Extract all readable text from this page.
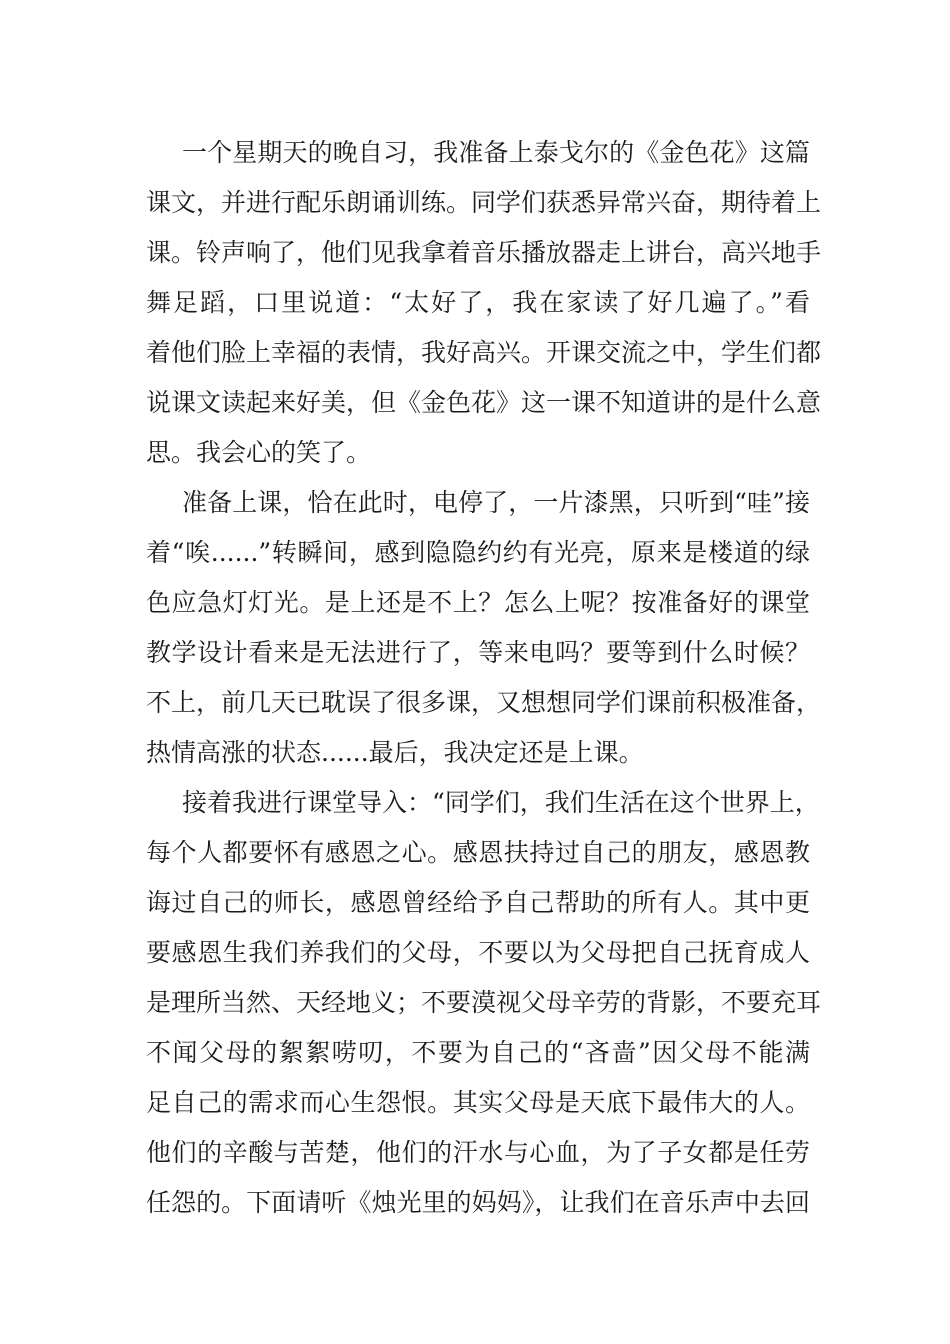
一个星期天的晚自习，我准备上泰戈尔的《金色花》这篇
课文，并进行配乐朗诵训练。同学们获悉异常兴奋，期待着上
课。铃声响了，他们见我拿着音乐播放器走上讲台，高兴地手
舞足蹈，口里说道：“太好了，我在家读了好几遍了。”看
着他们脸上幸福的表情，我好高兴。开课交流之中，学生们都
说课文读起来好美，但《金色花》这一课不知道讲的是什么意
思。我会心的笑了。
准备上课，恰在此时，电停了，一片漆黑，只听到“哇”接
着“唉......”转瞬间，感到隐隐约约有光亮，原来是楼道的绿
色应急灯灯光。是上还是不上？怎么上呢？按准备好的课堂
教学设计看来是无法进行了，等来电吗？要等到什么时候？
不上，前几天已耽误了很多课，又想想同学们课前积极准备，
热情高涨的状态......最后，我决定还是上课。
接着我进行课堂导入：“同学们，我们生活在这个世界上，
每个人都要怀有感恩之心。感恩扶持过自己的朋友，感恩教
诲过自己的师长，感恩曾经给予自己帮助的所有人。其中更
要感恩生我们养我们的父母，不要以为父母把自己抚育成人
是理所当然、天经地义；不要漠视父母辛劳的背影，不要充耳
不闻父母的絮絮唠叨，不要为自己的“吝啬”因父母不能满
足自己的需求而心生怨恨。其实父母是天底下最伟大的人。
他们的辛酸与苦楚，他们的汗水与心血，为了子女都是任劳
任怨的。下面请听《烛光里的妈妈》，让我们在音乐声中去回
